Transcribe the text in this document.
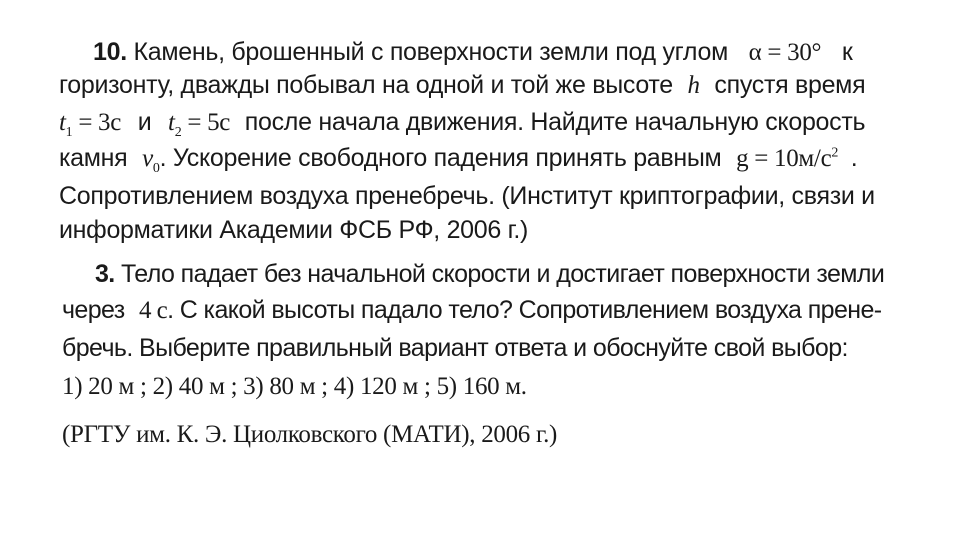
10. Камень, брошенный с поверхности земли под углом α = 30° к
горизонту, дважды побывал на одной и той же высоте h спустя время
$t_1 = 3с$ и $t_2 = 5с$ после начала движения. Найдите начальную скорость
камня $v_0$. Ускорение свободного падения принять равным $g = 10м/с^2$ .
Сопротивлением воздуха пренебречь. (Институт криптографии, связи и
информатики Академии ФСБ РФ, 2006 г.)
3. Тело падает без начальной скорости и достигает поверхности земли
через 4 с. С какой высоты падало тело? Сопротивлением воздуха прене-
бречь. Выберите правильный вариант ответа и обоснуйте свой выбор:
1) 20 м ; 2) 40 м ; 3) 80 м ; 4) 120 м ; 5) 160 м.
(РГТУ им. К. Э. Циолковского (МАТИ), 2006 г.)
